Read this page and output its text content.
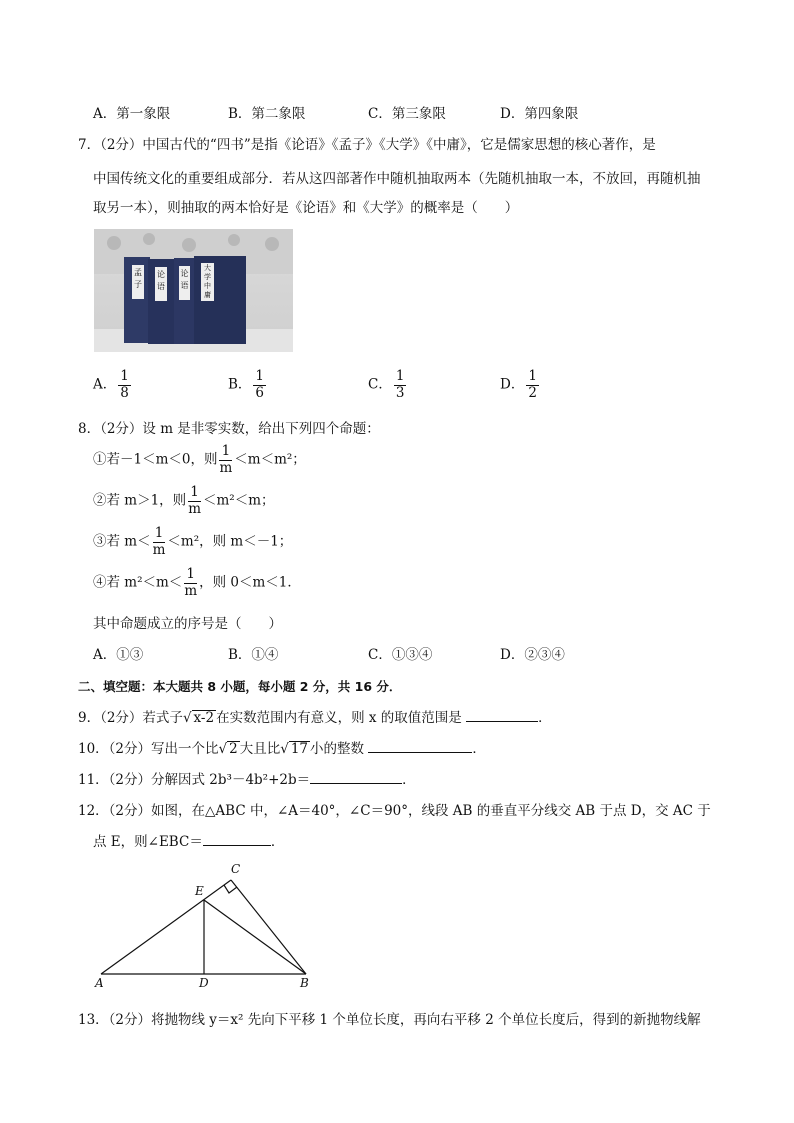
A．第一象限	B．第二象限	C．第三象限	D．第四象限
7．（2分）中国古代的“四书”是指《论语》《孟子》《大学》《中庸》，它是儒家思想的核心著作，是
中国传统文化的重要组成部分．若从这四部著作中随机抽取两本（先随机抽取一本，不放回，再随机抽
取另一本），则抽取的两本恰好是《论语》和《大学》的概率是（　　）
孟子
论语
论语
大学中庸
A． $\frac{1}{8}$	B． $\frac{1}{6}$	C． $\frac{1}{3}$	D． $\frac{1}{2}$
8．（2分）设 m 是非零实数，给出下列四个命题：
①若－1＜m＜0，则 $\frac{1}{m} <m<m^2$；
②若 m＞1，则 $\frac{1}{m} <m^2<m$；
③若 $m< \frac{1}{m} <m^2$，则 m＜－1；
④若 $m^2<m< \frac{1}{m}$ ，则 0＜m＜1．
其中命题成立的序号是（　　）
A．①③	B．①④	C．①③④	D．②③④
二、填空题：本大题共 8 小题，每小题 2 分，共 16 分．
9．（2分）若式子√ x-2 在实数范围内有意义，则 x 的取值范围是	．
10．（2分）写出一个比√ 2 大且比√ 17 小的整数	．
11．（2分）分解因式 2b³－4b²+2b＝	．
12．（2分）如图，在△ABC 中，∠A＝40°，∠C＝90°，线段 AB 的垂直平分线交 AB 于点 D，交 AC 于
点 E，则∠EBC＝	．
A	B
C
D
E
13．（2分）将抛物线 y＝x² 先向下平移 1 个单位长度，再向右平移 2 个单位长度后，得到的新抛物线解
